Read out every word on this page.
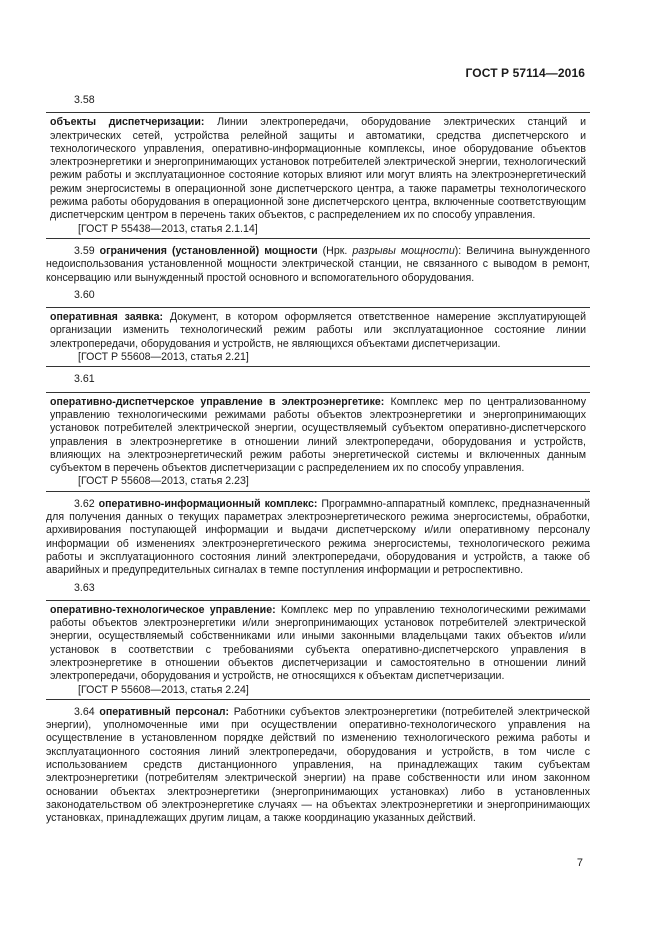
ГОСТ Р 57114—2016
3.58
объекты диспетчеризации: Линии электропередачи, оборудование электрических станций и электрических сетей, устройства релейной защиты и автоматики, средства диспетчерского и технологического управления, оперативно-информационные комплексы, иное оборудование объектов электроэнергетики и энергопринимающих установок потребителей электрической энергии, технологический режим работы и эксплуатационное состояние которых влияют или могут влиять на электроэнергетический режим энергосистемы в операционной зоне диспетчерского центра, а также параметры технологического режима работы оборудования в операционной зоне диспетчерского центра, включенные соответствующим диспетчерским центром в перечень таких объектов, с распределением их по способу управления.
[ГОСТ Р 55438—2013, статья 2.1.14]
3.59 ограничения (установленной) мощности (Нрк. разрывы мощности): Величина вынужденного недоиспользования установленной мощности электрической станции, не связанного с выводом в ремонт, консервацию или вынужденный простой основного и вспомогательного оборудования.
3.60
оперативная заявка: Документ, в котором оформляется ответственное намерение эксплуатирующей организации изменить технологический режим работы или эксплуатационное состояние линии электропередачи, оборудования и устройств, не являющихся объектами диспетчеризации.
[ГОСТ Р 55608—2013, статья 2.21]
3.61
оперативно-диспетчерское управление в электроэнергетике: Комплекс мер по централизованному управлению технологическими режимами работы объектов электроэнергетики и энергопринимающих установок потребителей электрической энергии, осуществляемый субъектом оперативно-диспетчерского управления в электроэнергетике в отношении линий электропередачи, оборудования и устройств, влияющих на электроэнергетический режим работы энергетической системы и включенных данным субъектом в перечень объектов диспетчеризации с распределением их по способу управления.
[ГОСТ Р 55608—2013, статья 2.23]
3.62 оперативно-информационный комплекс: Программно-аппаратный комплекс, предназначенный для получения данных о текущих параметрах электроэнергетического режима энергосистемы, обработки, архивирования поступающей информации и выдачи диспетчерскому и/или оперативному персоналу информации об изменениях электроэнергетического режима энергосистемы, технологического режима работы и эксплуатационного состояния линий электропередачи, оборудования и устройств, а также об аварийных и предупредительных сигналах в темпе поступления информации и ретроспективно.
3.63
оперативно-технологическое управление: Комплекс мер по управлению технологическими режимами работы объектов электроэнергетики и/или энергопринимающих установок потребителей электрической энергии, осуществляемый собственниками или иными законными владельцами таких объектов и/или установок в соответствии с требованиями субъекта оперативно-диспетчерского управления в электроэнергетике в отношении объектов диспетчеризации и самостоятельно в отношении линий электропередачи, оборудования и устройств, не относящихся к объектам диспетчеризации.
[ГОСТ Р 55608—2013, статья 2.24]
3.64 оперативный персонал: Работники субъектов электроэнергетики (потребителей электрической энергии), уполномоченные ими при осуществлении оперативно-технологического управления на осуществление в установленном порядке действий по изменению технологического режима работы и эксплуатационного состояния линий электропередачи, оборудования и устройств, в том числе с использованием средств дистанционного управления, на принадлежащих таким субъектам электроэнергетики (потребителям электрической энергии) на праве собственности или ином законном основании объектах электроэнергетики (энергопринимающих установках) либо в установленных законодательством об электроэнергетике случаях — на объектах электроэнергетики и энергопринимающих установках, принадлежащих другим лицам, а также координацию указанных действий.
7
